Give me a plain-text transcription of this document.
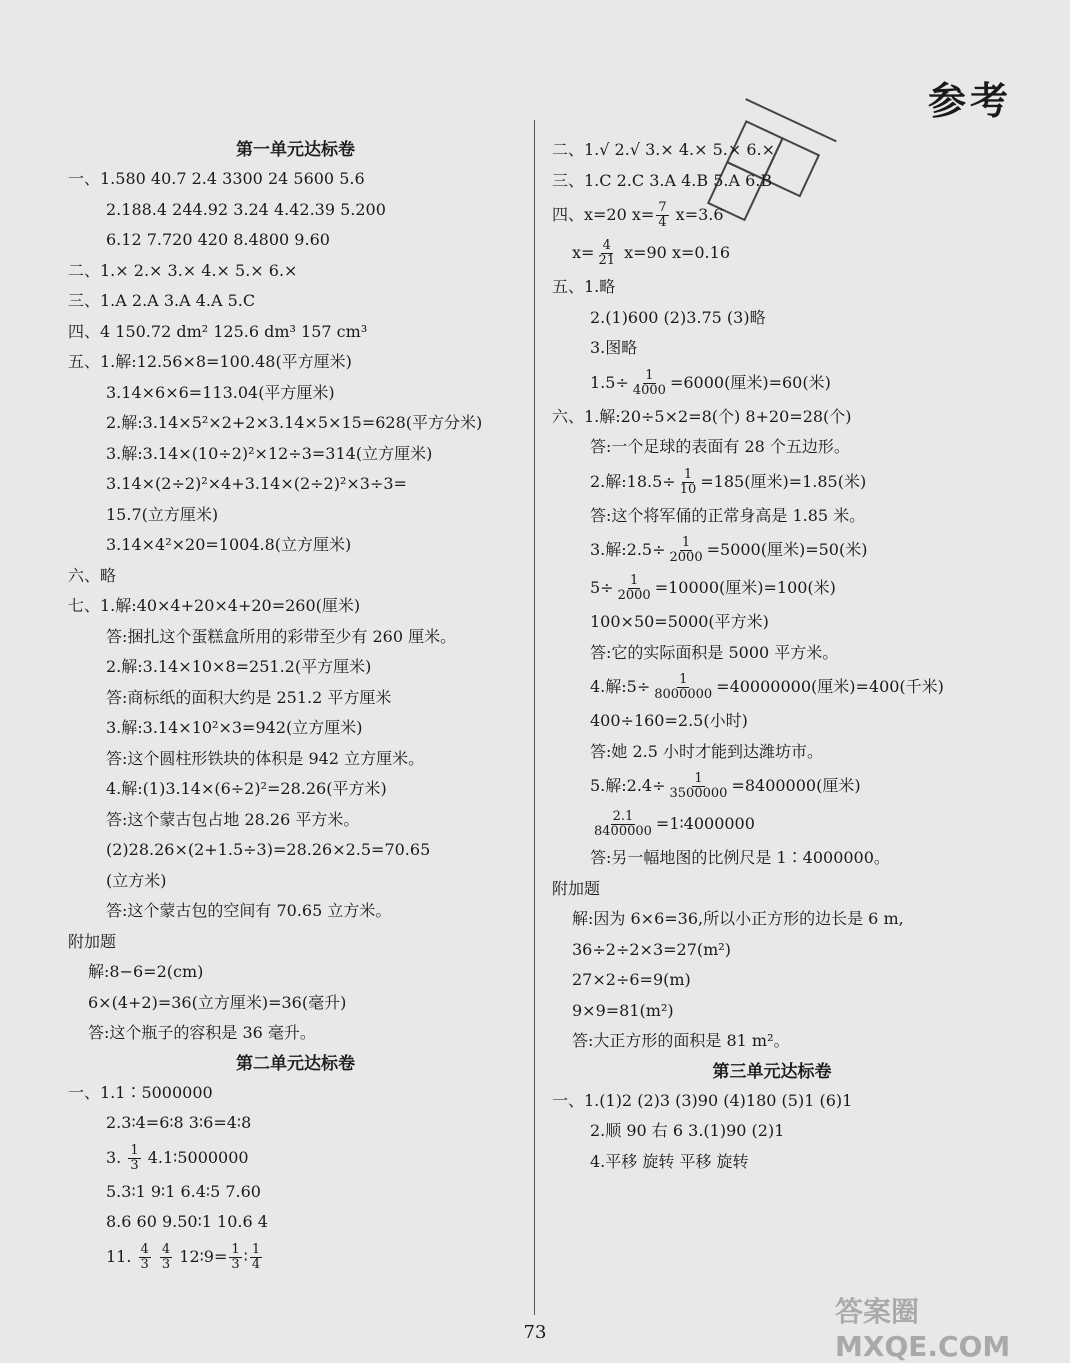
参考
第一单元达标卷
一、1.580 40.7 2.4 3300 24 5600 5.6
2.188.4 244.92 3.24 4.42.39 5.200
6.12 7.720 420 8.4800 9.60
二、1.× 2.× 3.× 4.× 5.× 6.×
三、1.A 2.A 3.A 4.A 5.C
四、4 150.72 dm² 125.6 dm³ 157 cm³
五、1.解:12.56×8=100.48(平方厘米)
3.14×6×6=113.04(平方厘米)
2.解:3.14×5²×2+2×3.14×5×15=628(平方分米)
3.解:3.14×(10÷2)²×12÷3=314(立方厘米)
3.14×(2÷2)²×4+3.14×(2÷2)²×3÷3=
15.7(立方厘米)
3.14×4²×20=1004.8(立方厘米)
六、略
七、1.解:40×4+20×4+20=260(厘米)
答:捆扎这个蛋糕盒所用的彩带至少有 260 厘米。
2.解:3.14×10×8=251.2(平方厘米)
答:商标纸的面积大约是 251.2 平方厘米
3.解:3.14×10²×3=942(立方厘米)
答:这个圆柱形铁块的体积是 942 立方厘米。
4.解:(1)3.14×(6÷2)²=28.26(平方米)
答:这个蒙古包占地 28.26 平方米。
(2)28.26×(2+1.5÷3)=28.26×2.5=70.65
(立方米)
答:这个蒙古包的空间有 70.65 立方米。
附加题
解:8−6=2(cm)
6×(4+2)=36(立方厘米)=36(毫升)
答:这个瓶子的容积是 36 毫升。
第二单元达标卷
一、1.1∶5000000
2.3∶4=6∶8 3∶6=4∶8
3. $\frac{1}{3}$ 4.1∶5000000
5.3∶1 9∶1 6.4∶5 7.60
8.6 60 9.50∶1 10.6 4
11. $\frac{4}{3}$
$\frac{4}{3}$ 12∶9= $\frac{1}{3}$ ∶ $\frac{1}{4}$
二、1.√ 2.√ 3.× 4.× 5.× 6.×
三、1.C 2.C 3.A 4.B 5.A 6.B
四、x=20 $x= \frac{7}{4} x=3.6$
$x= \frac{4}{21} x=90$ x=0.16
五、1.略
2.(1)600 (2)3.75 (3)略
3.图略
$1.5\div \frac{1}{4000} =6000$(厘米)=60(米)
六、1.解:20÷5×2=8(个) 8+20=28(个)
答:一个足球的表面有 28 个五边形。
2.解:18.5÷ $\frac{1}{10} =185$(厘米)=1.85(米)
答:这个将军俑的正常身高是 1.85 米。
3.解:2.5÷ $\frac{1}{2000} =5000$(厘米)=50(米)
$5\div \frac{1}{2000} =10000$(厘米)=100(米)
100×50=5000(平方米)
答:它的实际面积是 5000 平方米。
4.解:5÷ $\frac{1}{8000000} =40000000$(厘米)=400(千米)
400÷160=2.5(小时)
答:她 2.5 小时才能到达潍坊市。
5.解:2.4÷ $\frac{1}{3500000} =8400000$(厘米)
$\frac{2.1}{8400000}$ =1∶4000000
答:另一幅地图的比例尺是 1∶4000000。
附加题
解:因为 6×6=36,所以小正方形的边长是 6 m,
36÷2÷2×3=27(m²)
27×2÷6=9(m)
9×9=81(m²)
答:大正方形的面积是 81 m²。
第三单元达标卷
一、1.(1)2 (2)3 (3)90 (4)180 (5)1 (6)1
2.顺 90 右 6 3.(1)90 (2)1
4.平移 旋转 平移 旋转
73
答案圈 MXQE.COM
